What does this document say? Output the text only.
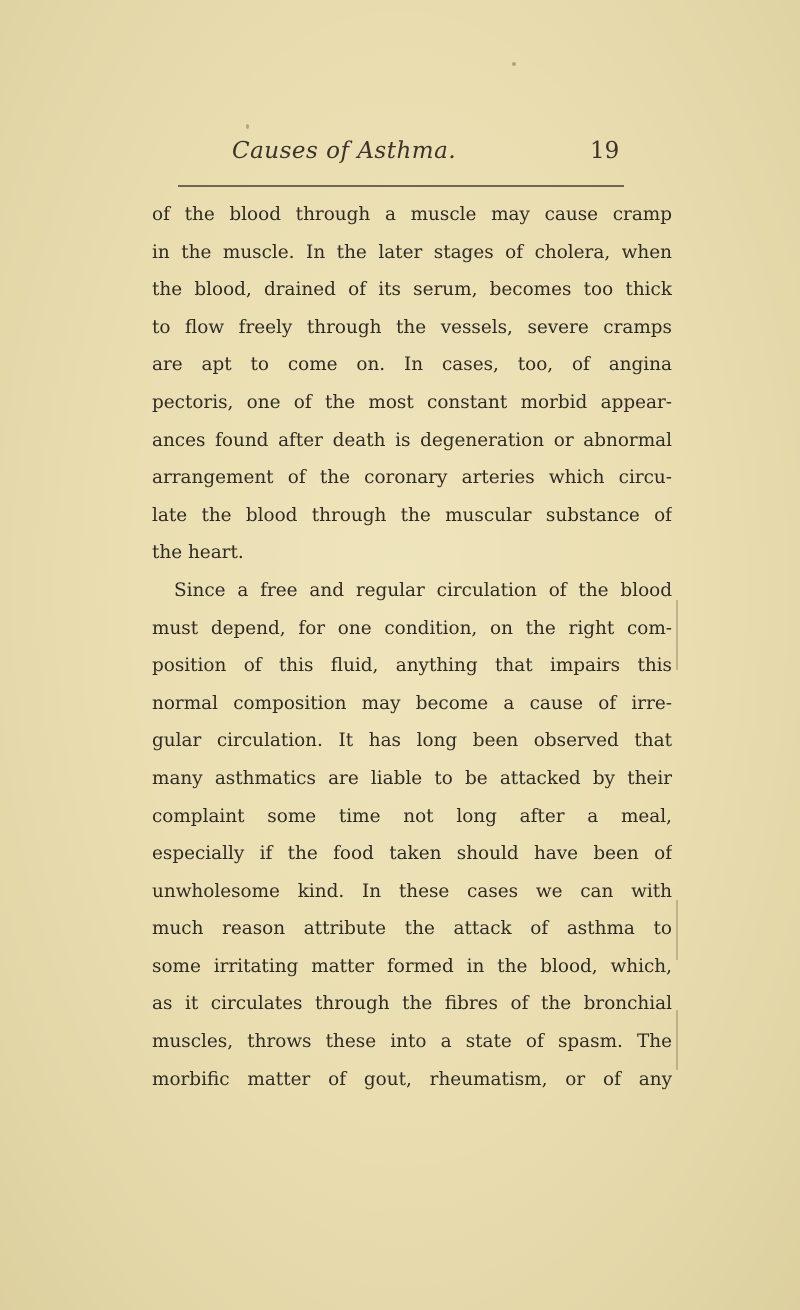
Causes of Asthma.	19
of the blood through a muscle may cause cramp
in the muscle. In the later stages of cholera, when
the blood, drained of its serum, becomes too thick
to flow freely through the vessels, severe cramps
are apt to come on. In cases, too, of angina
pectoris, one of the most constant morbid appear-
ances found after death is degeneration or abnormal
arrangement of the coronary arteries which circu-
late the blood through the muscular substance of
the heart.
Since a free and regular circulation of the blood
must depend, for one condition, on the right com-
position of this fluid, anything that impairs this
normal composition may become a cause of irre-
gular circulation. It has long been observed that
many asthmatics are liable to be attacked by their
complaint some time not long after a meal,
especially if the food taken should have been of
unwholesome kind. In these cases we can with
much reason attribute the attack of asthma to
some irritating matter formed in the blood, which,
as it circulates through the fibres of the bronchial
muscles, throws these into a state of spasm. The
morbific matter of gout, rheumatism, or of any
